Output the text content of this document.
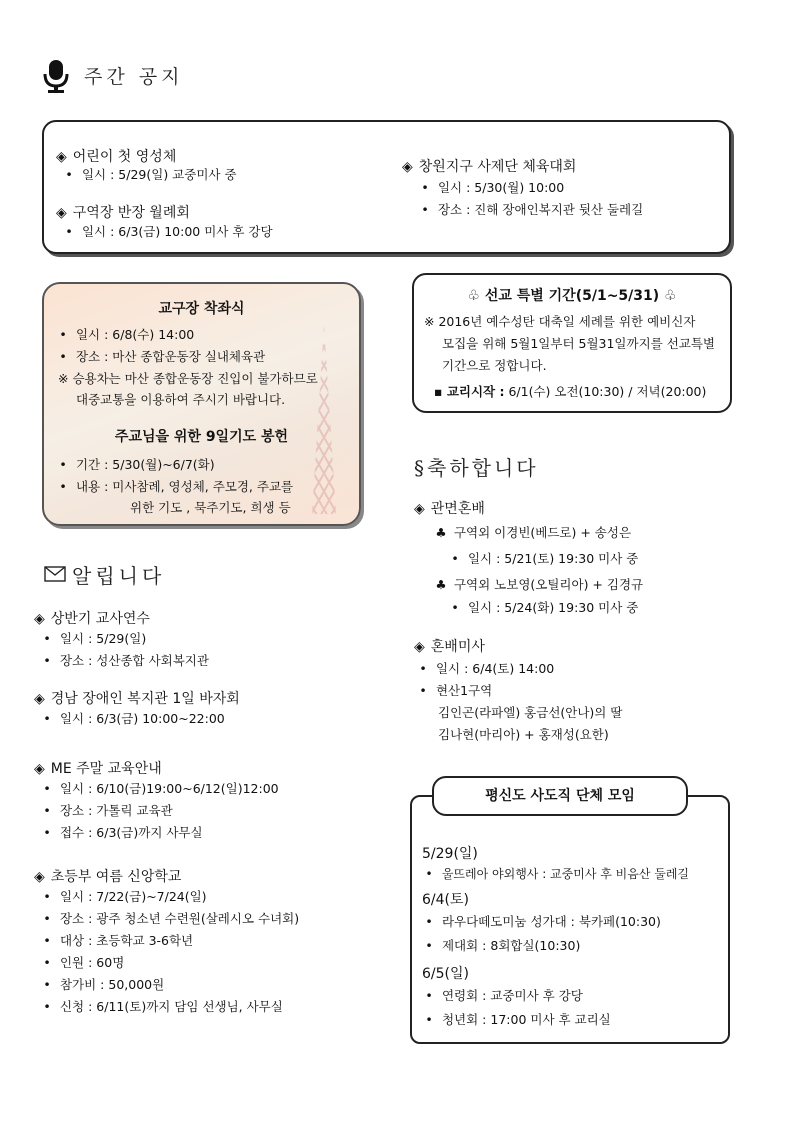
주간 공지
◈ 어린이 첫 영성체
• 일시 : 5/29(일) 교중미사 중
◈ 구역장 반장 월례회
• 일시 : 6/3(금) 10:00 미사 후 강당
◈ 창원지구 사제단 체육대회
• 일시 : 5/30(월) 10:00
• 장소 : 진해 장애인복지관 뒷산 둘레길
교구장 착좌식
• 일시 : 6/8(수) 14:00
• 장소 : 마산 종합운동장 실내체육관
※ 승용차는 마산 종합운동장 진입이 불가하므로
대중교통을 이용하여 주시기 바랍니다.
주교님을 위한 9일기도 봉헌
• 기간 : 5/30(월)~6/7(화)
• 내용 : 미사참례, 영성체, 주모경, 주교를
위한 기도 , 묵주기도, 희생 등
♧ 선교 특별 기간(5/1~5/31) ♧
※ 2016년 예수성탄 대축일 세례를 위한 예비신자
모집을 위해 5월1일부터 5월31일까지를 선교특별
기간으로 정합니다.
▪ 교리시작 : 6/1(수) 오전(10:30) / 저녁(20:00)
§축하합니다
◈ 관면혼배
♣ 구역외 이경빈(베드로) + 송성은
• 일시 : 5/21(토) 19:30 미사 중
♣ 구역외 노보영(오틸리아) + 김경규
• 일시 : 5/24(화) 19:30 미사 중
◈ 혼배미사
• 일시 : 6/4(토) 14:00
• 현산1구역
김인곤(라파엘) 홍금선(안나)의 딸
김나현(마리아) + 홍재성(요한)
알립니다
◈ 상반기 교사연수
• 일시 : 5/29(일)
• 장소 : 성산종합 사회복지관
◈ 경남 장애인 복지관 1일 바자회
• 일시 : 6/3(금) 10:00~22:00
◈ ME 주말 교육안내
• 일시 : 6/10(금)19:00~6/12(일)12:00
• 장소 : 가톨릭 교육관
• 접수 : 6/3(금)까지 사무실
◈ 초등부 여름 신앙학교
• 일시 : 7/22(금)~7/24(일)
• 장소 : 광주 청소년 수련원(살레시오 수녀회)
• 대상 : 초등학교 3-6학년
• 인원 : 60명
• 참가비 : 50,000원
• 신청 : 6/11(토)까지 담임 선생님, 사무실
5/29(일)
• 울뜨레아 야외행사 : 교중미사 후 비음산 둘레길
6/4(토)
• 라우다떼도미눔 성가대 : 북카페(10:30)
• 제대회 : 8회합실(10:30)
6/5(일)
• 연령회 : 교중미사 후 강당
• 청년회 : 17:00 미사 후 교리실
평신도 사도직 단체 모임
